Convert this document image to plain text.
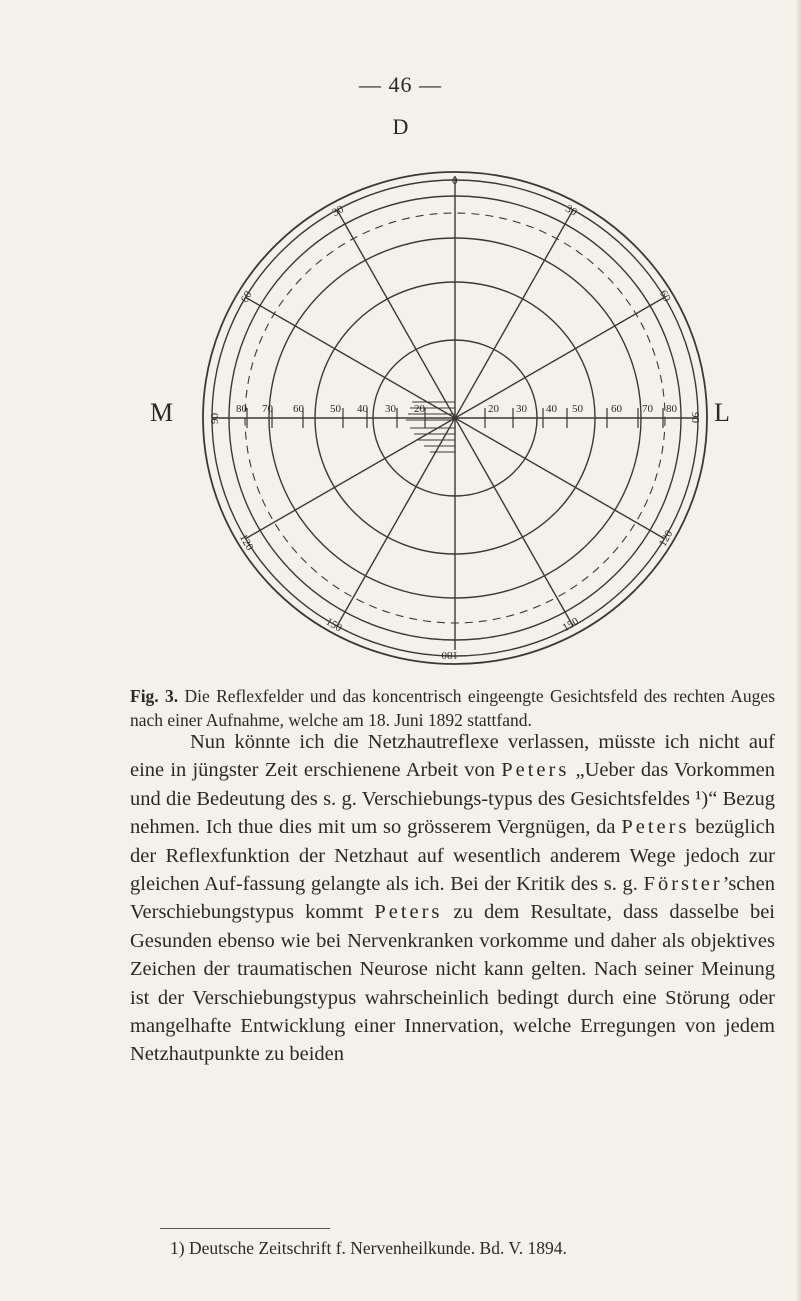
— 46 —
D
M	L
0
180
30	30
60	60
90	90
120	120
150	150
80 70 60 50 40 30 20	20 30 40 50	60 70 80
Fig. 3. Die Reflexfelder und das koncentrisch eingeengte Gesichtsfeld des rechten Auges nach einer Aufnahme, welche am 18. Juni 1892 stattfand.

Nun könnte ich die Netzhautreflexe verlassen, müsste ich nicht auf eine in jüngster Zeit erschienene Arbeit von Peters „Ueber das Vorkommen und die Bedeutung des s. g. Verschiebungs-typus des Gesichtsfeldes ¹)“ Bezug nehmen. Ich thue dies mit um so grösserem Vergnügen, da Peters bezüglich der Reflexfunktion der Netzhaut auf wesentlich anderem Wege jedoch zur gleichen Auf-fassung gelangte als ich. Bei der Kritik des s. g. Förster’schen Verschiebungstypus kommt Peters zu dem Resultate, dass dasselbe bei Gesunden ebenso wie bei Nervenkranken vorkomme und daher als objektives Zeichen der traumatischen Neurose nicht kann gelten. Nach seiner Meinung ist der Verschiebungstypus wahrscheinlich bedingt durch eine Störung oder mangelhafte Entwicklung einer Innervation, welche Erregungen von jedem Netzhautpunkte zu beiden

1) Deutsche Zeitschrift f. Nervenheilkunde. Bd. V. 1894.
